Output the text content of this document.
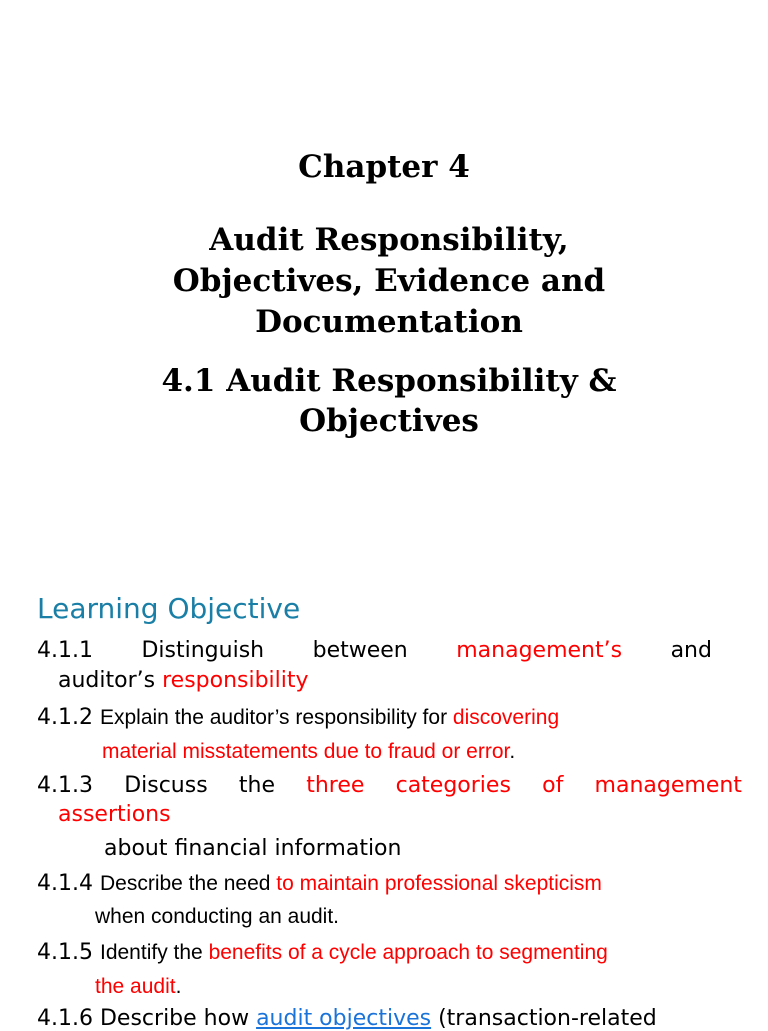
Chapter 4
Audit Responsibility,
Objectives, Evidence and
Documentation
4.1 Audit Responsibility &
Objectives
Learning Objective
4.1.1 Distinguish between management’s and
auditor’s responsibility
4.1.2 Explain the auditor’s responsibility for discovering
material misstatements due to fraud or error.
4.1.3 Discuss the three categories of management
assertions
about financial information
4.1.4 Describe the need to maintain professional skepticism
when conducting an audit.
4.1.5 Identify the benefits of a cycle approach to segmenting
the audit.
4.1.6 Describe how audit objectives (transaction-related
